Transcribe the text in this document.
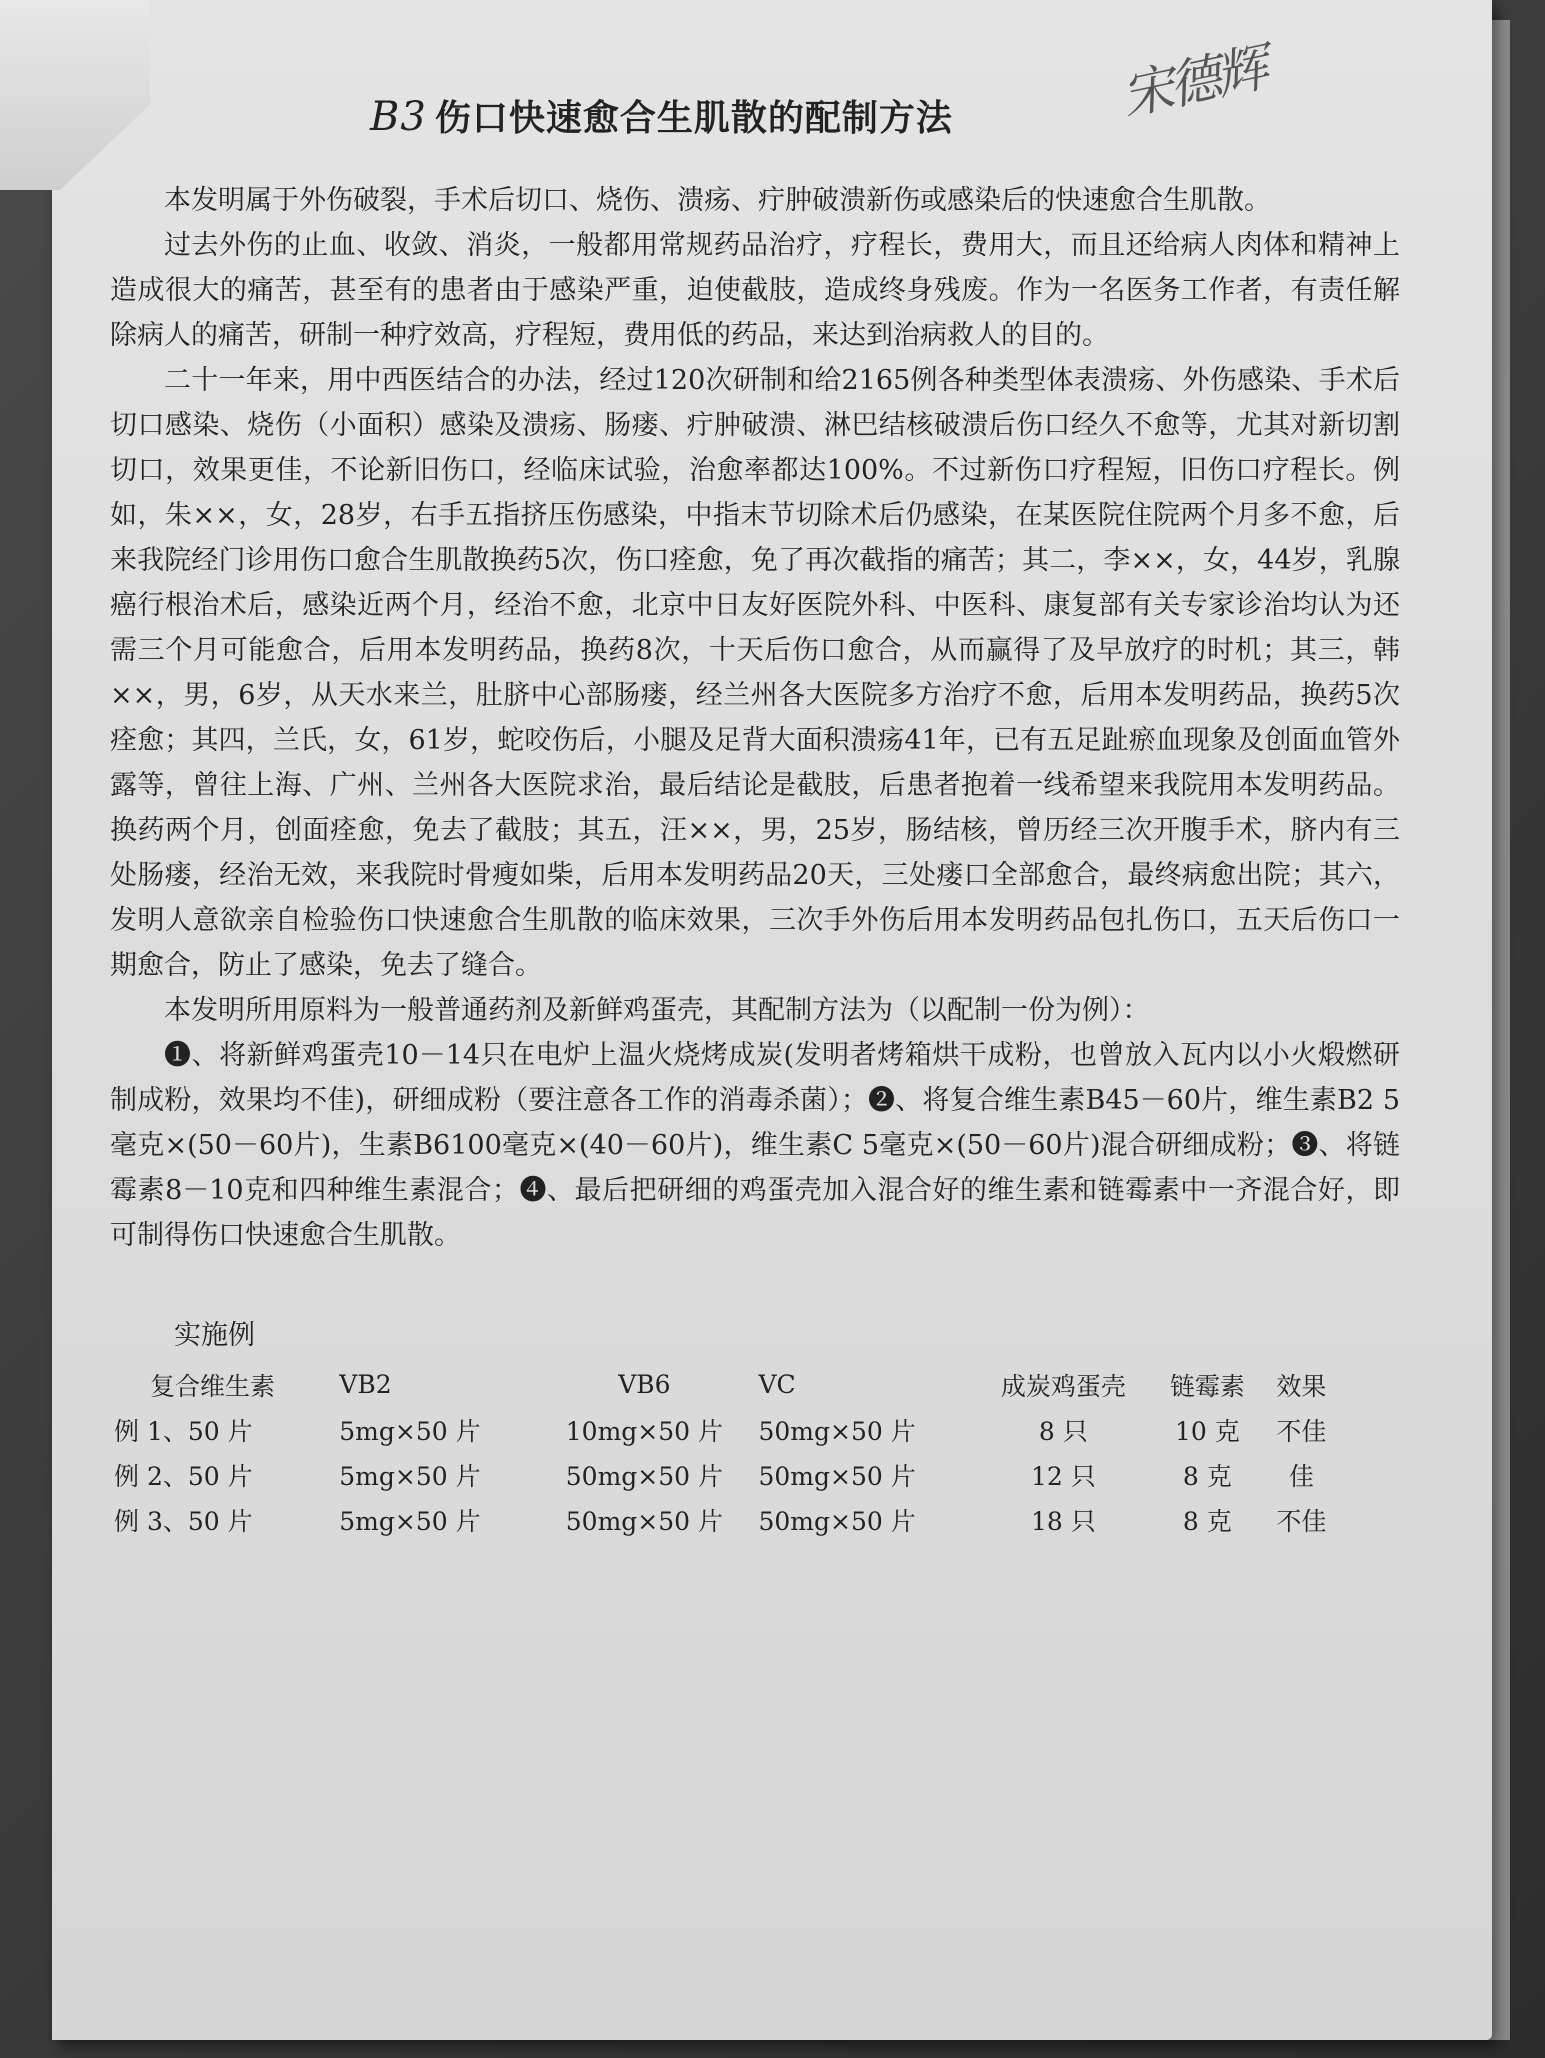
B3 伤口快速愈合生肌散的配制方法	宋德辉

本发明属于外伤破裂，手术后切口、烧伤、溃疡、疔肿破溃新伤或感染后的快速愈合生肌散。

过去外伤的止血、收敛、消炎，一般都用常规药品治疗，疗程长，费用大，而且还给病人肉体和精神上造成很大的痛苦，甚至有的患者由于感染严重，迫使截肢，造成终身残废。作为一名医务工作者，有责任解除病人的痛苦，研制一种疗效高，疗程短，费用低的药品，来达到治病救人的目的。

二十一年来，用中西医结合的办法，经过120次研制和给2165例各种类型体表溃疡、外伤感染、手术后切口感染、烧伤（小面积）感染及溃疡、肠瘘、疔肿破溃、淋巴结核破溃后伤口经久不愈等，尤其对新切割切口，效果更佳，不论新旧伤口，经临床试验，治愈率都达100%。不过新伤口疗程短，旧伤口疗程长。例如，朱××，女，28岁，右手五指挤压伤感染，中指末节切除术后仍感染，在某医院住院两个月多不愈，后来我院经门诊用伤口愈合生肌散换药5次，伤口痊愈，免了再次截指的痛苦；其二，李××，女，44岁，乳腺癌行根治术后，感染近两个月，经治不愈，北京中日友好医院外科、中医科、康复部有关专家诊治均认为还需三个月可能愈合，后用本发明药品，换药8次，十天后伤口愈合，从而赢得了及早放疗的时机；其三，韩××，男，6岁，从天水来兰，肚脐中心部肠瘘，经兰州各大医院多方治疗不愈，后用本发明药品，换药5次痊愈；其四，兰氏，女，61岁，蛇咬伤后，小腿及足背大面积溃疡41年，已有五足趾瘀血现象及创面血管外露等，曾往上海、广州、兰州各大医院求治，最后结论是截肢，后患者抱着一线希望来我院用本发明药品。换药两个月，创面痊愈，免去了截肢；其五，汪××，男，25岁，肠结核，曾历经三次开腹手术，脐内有三处肠瘘，经治无效，来我院时骨瘦如柴，后用本发明药品20天，三处瘘口全部愈合，最终病愈出院；其六，发明人意欲亲自检验伤口快速愈合生肌散的临床效果，三次手外伤后用本发明药品包扎伤口，五天后伤口一期愈合，防止了感染，免去了缝合。

本发明所用原料为一般普通药剂及新鲜鸡蛋壳，其配制方法为（以配制一份为例）：

❶、将新鲜鸡蛋壳10－14只在电炉上温火烧烤成炭(发明者烤箱烘干成粉，也曾放入瓦内以小火煅燃研制成粉，效果均不佳)，研细成粉（要注意各工作的消毒杀菌）；❷、将复合维生素B45－60片，维生素B2 5毫克×(50－60片)，生素B6100毫克×(40－60片)，维生素C 5毫克×(50－60片)混合研细成粉；❸、将链霉素8－10克和四种维生素混合；❹、最后把研细的鸡蛋壳加入混合好的维生素和链霉素中一齐混合好，即可制得伤口快速愈合生肌散。

实施例
复合维生素	VB2	VB6	VC	成炭鸡蛋壳	链霉素	效果
例 1、50 片	5mg×50 片	10mg×50 片	50mg×50 片	8 只	10 克	不佳
例 2、50 片	5mg×50 片	50mg×50 片	50mg×50 片	12 只	8 克	佳
例 3、50 片	5mg×50 片	50mg×50 片	50mg×50 片	18 只	8 克	不佳
